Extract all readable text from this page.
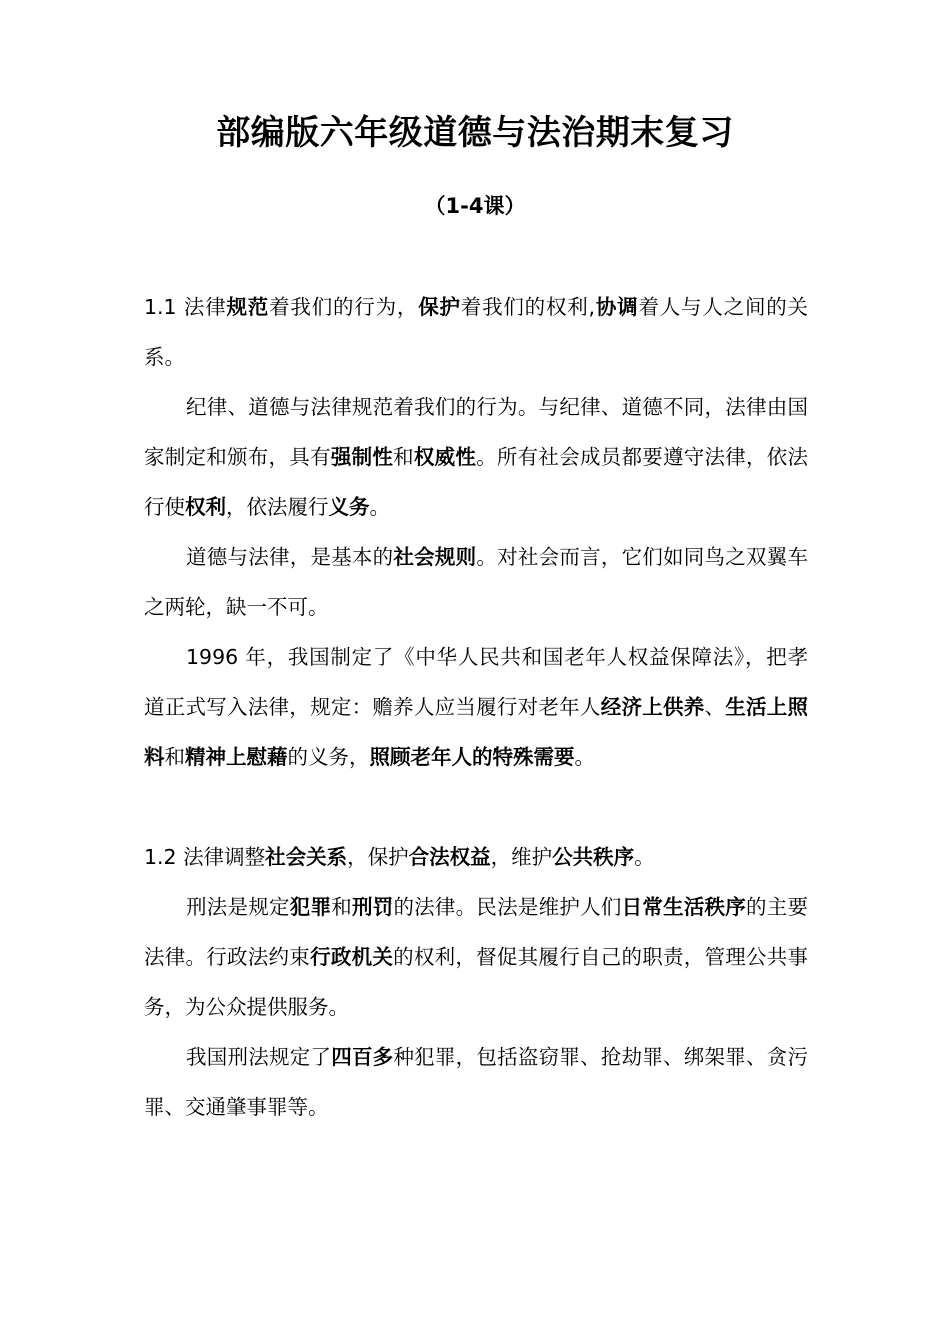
部编版六年级道德与法治期末复习
（1-4课）

1.1 法律规范着我们的行为，保护着我们的权利,协调着人与人之间的关系。

纪律、道德与法律规范着我们的行为。与纪律、道德不同，法律由国家制定和颁布，具有强制性和权威性。所有社会成员都要遵守法律，依法行使权利，依法履行义务。

道德与法律，是基本的社会规则。对社会而言，它们如同鸟之双翼车之两轮，缺一不可。

1996 年，我国制定了《中华人民共和国老年人权益保障法》，把孝道正式写入法律，规定：赡养人应当履行对老年人经济上供养、生活上照料和精神上慰藉的义务，照顾老年人的特殊需要。

1.2 法律调整社会关系，保护合法权益，维护公共秩序。

刑法是规定犯罪和刑罚的法律。民法是维护人们日常生活秩序的主要法律。行政法约束行政机关的权利，督促其履行自己的职责，管理公共事务，为公众提供服务。

我国刑法规定了四百多种犯罪，包括盗窃罪、抢劫罪、绑架罪、贪污罪、交通肇事罪等。
